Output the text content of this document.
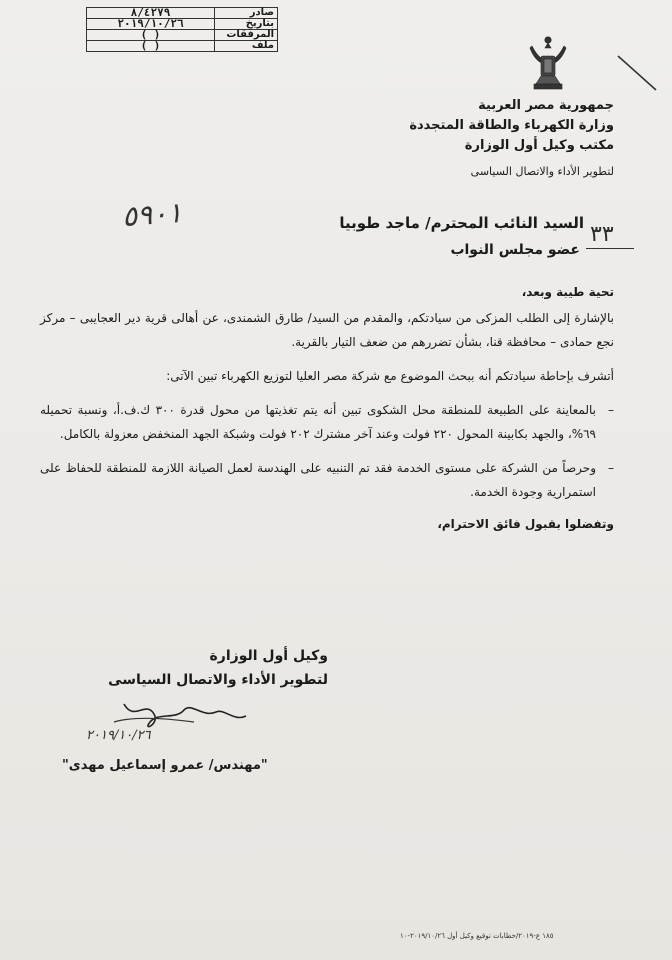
صادر	٨/٤٢٧٩
بتاريخ	٢٠١٩/١٠/٢٦
المرفقات	( )
ملف	( )
جمهورية مصر العربية
وزارة الكهرباء والطاقة المتجددة
مكتب وكيل أول الوزارة
لتطوير الأداء والاتصال السياسى
٥٩٠١
٣٣
السيد النائب المحترم/ ماجد طوبيا
عضو مجلس النواب
تحية طيبة وبعد،
بالإشارة إلى الطلب المزكى من سيادتكم، والمقدم من السيد/ طارق الشمندى، عن أهالى قرية دير العجايبى – مركز نجع حمادى – محافظة قنا، بشأن تضررهم من ضعف التيار بالقرية.
أتشرف بإحاطة سيادتكم أنه ببحث الموضوع مع شركة مصر العليا لتوزيع الكهرباء تبين الآتى:
–
بالمعاينة على الطبيعة للمنطقة محل الشكوى تبين أنه يتم تغذيتها من محول قدرة ٣٠٠ ك.ف.أ، ونسبة تحميله ٦٩%، والجهد بكابينة المحول ٢٢٠ فولت وعند آخر مشترك ٢٠٢ فولت وشبكة الجهد المنخفض معزولة بالكامل.
–
وحرصاً من الشركة على مستوى الخدمة فقد تم التنبيه على الهندسة لعمل الصيانة اللازمة للمنطقة للحفاظ على استمرارية وجودة الخدمة.
وتفضلوا بقبول فائق الاحترام،
وكيل أول الوزارة
لتطوير الأداء والاتصال السياسى
٢٠١٩/١٠/٢٦
"مهندس/ عمرو إسماعيل مهدى"
١٨٥ ع-٢٠١٩/خطابات توقيع وكيل أول ٢٠١٩/١٠/٢٦-١٠
